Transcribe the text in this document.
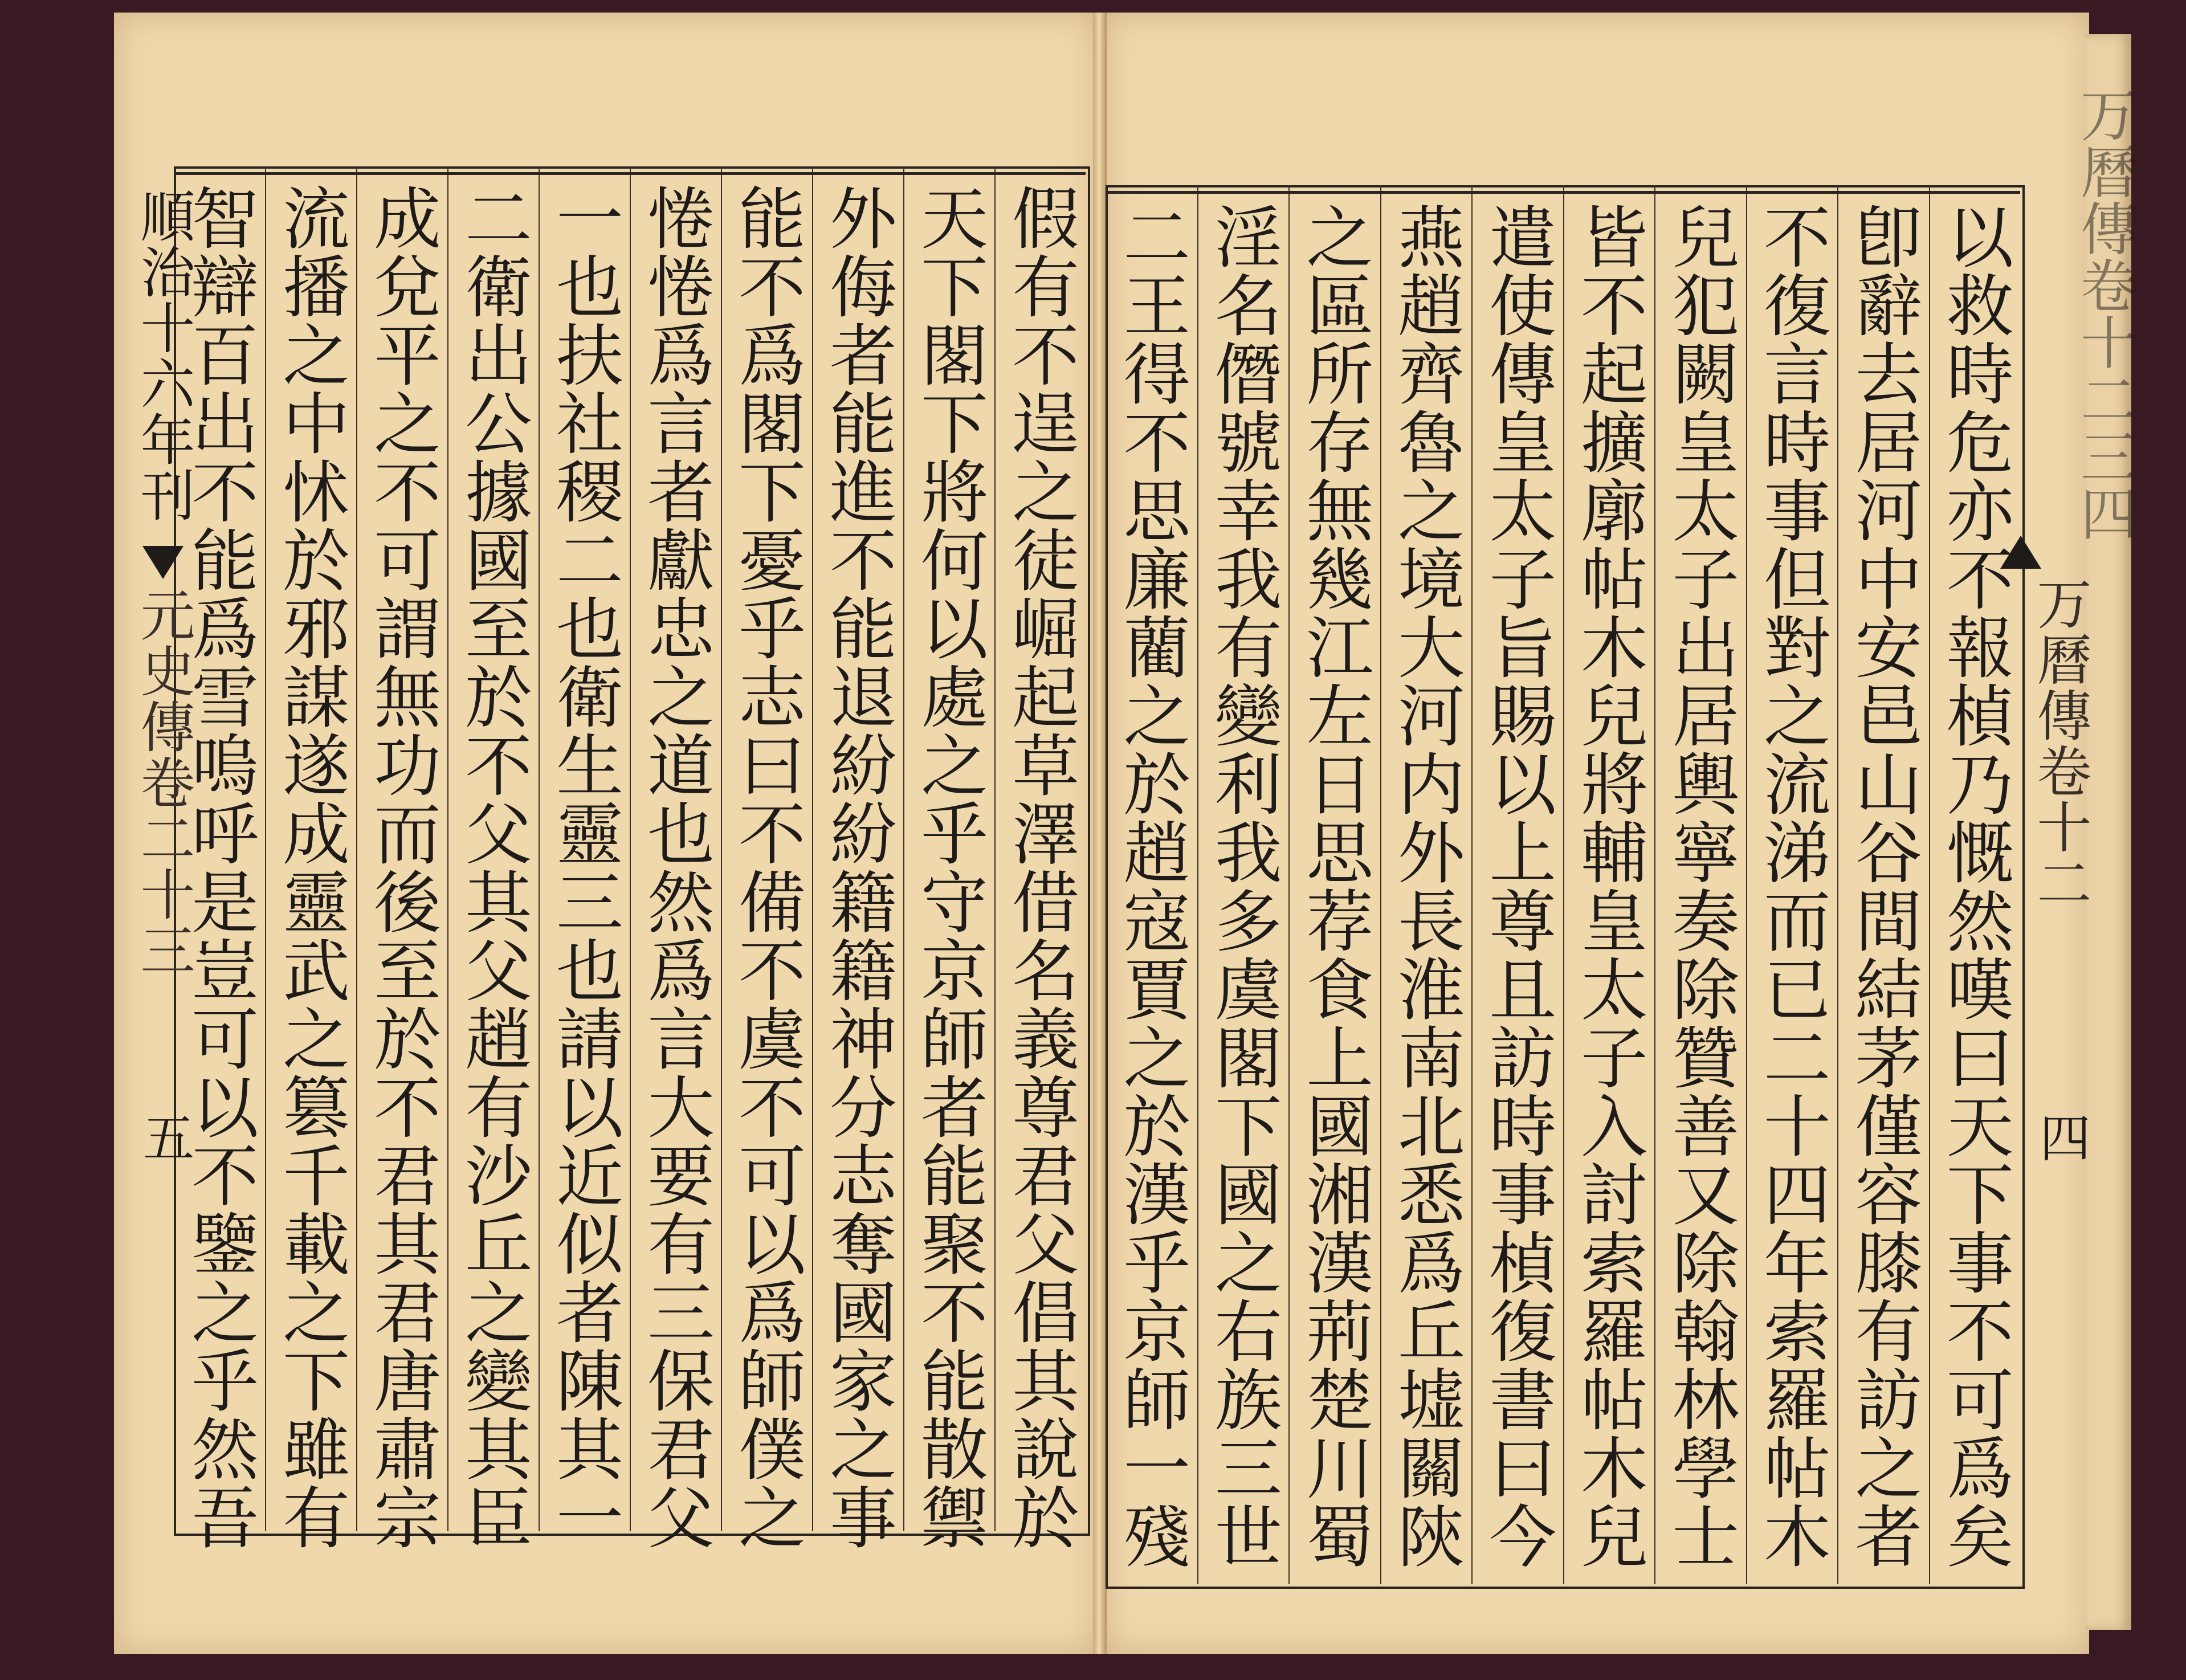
假有不逞之徒崛起草澤借名義尊君父倡其說於
天下閣下將何以處之乎守京師者能聚不能散禦
外侮者能進不能退紛紛籍籍神分志奪國家之事
能不爲閣下憂乎志曰不備不虞不可以爲師僕之
惓惓爲言者獻忠之道也然爲言大要有三保君父
一也扶社稷二也衛生靈三也請以近似者陳其一
二衛出公據國至於不父其父趙有沙丘之變其臣
成兌平之不可謂無功而後至於不君其君唐肅宗
流播之中怵於邪謀遂成靈武之篡千載之下雖有
智辯百出不能爲雪嗚呼是豈可以不鑒之乎然吾
順治十六年刊
元史傳卷二十三
五	以救時危亦不報楨乃慨然嘆曰天下事不可爲矣
卽辭去居河中安邑山谷間結茅僅容膝有訪之者
不復言時事但對之流涕而已二十四年索羅帖木
兒犯闕皇太子出居輿寧奏除贊善又除翰林學士
皆不起擴廓帖木兒將輔皇太子入討索羅帖木兒
遣使傳皇太子旨賜以上尊且訪時事楨復書曰今
燕趙齊魯之境大河内外長淮南北悉爲丘墟關陝
之區所存無幾江左日思荐食上國湘漢荊楚川蜀
淫名僭號幸我有變利我多虞閣下國之右族三世
二王得不思廉藺之於趙寇賈之於漢乎京師一殘	万曆傳卷十二
四
万曆傳卷十二三四
